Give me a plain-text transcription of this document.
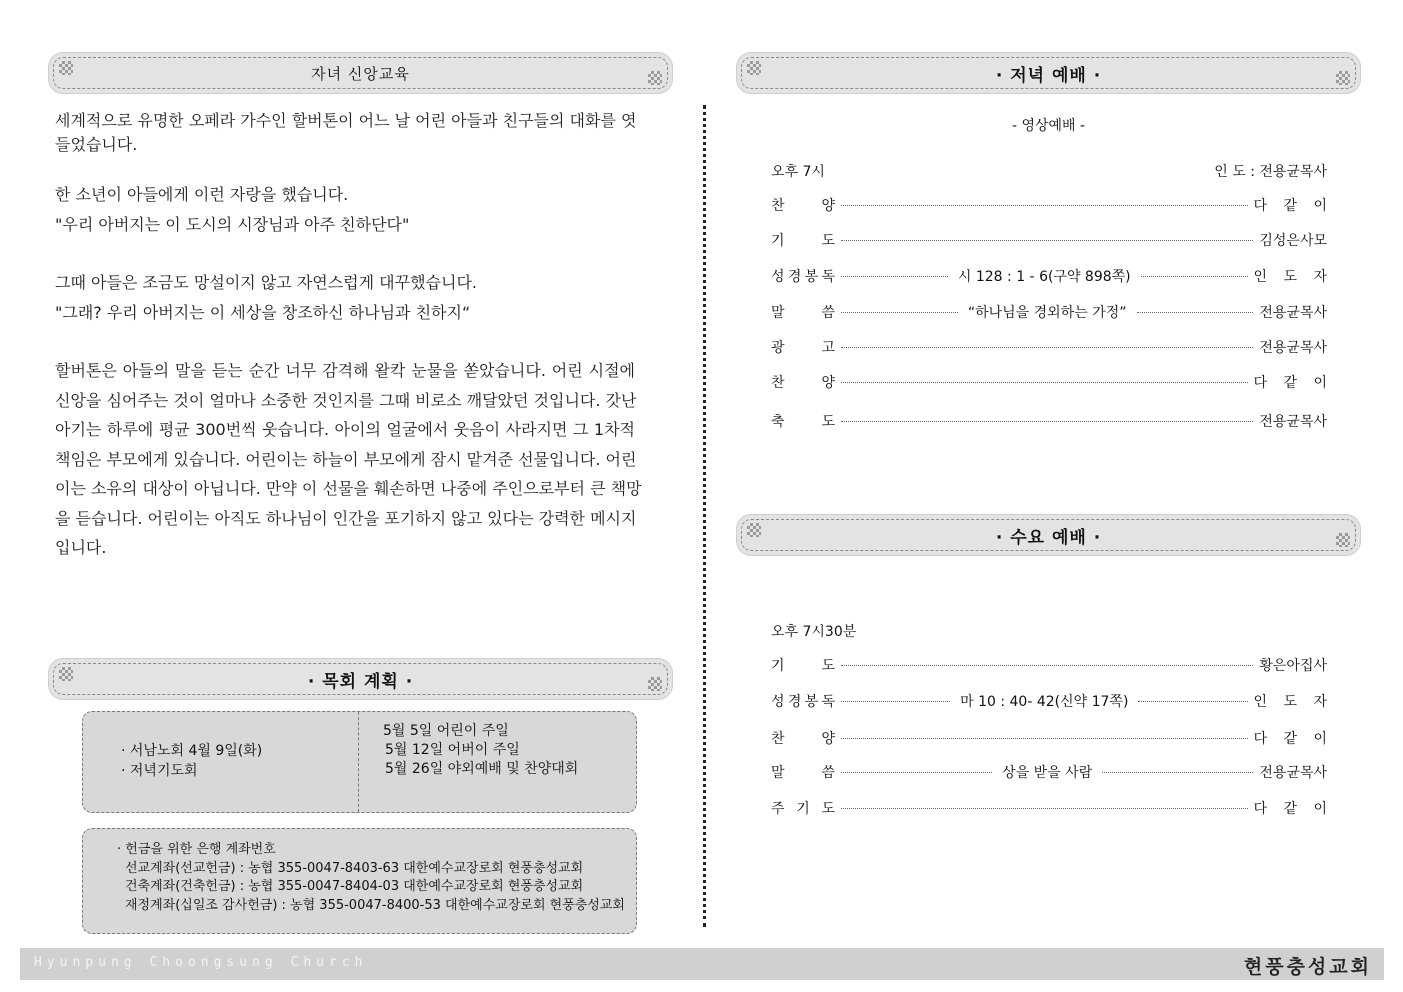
자녀 신앙교육
세계적으로 유명한 오페라 가수인 할버톤이 어느 날 어린 아들과 친구들의 대화를 엿
들었습니다.
한 소년이 아들에게 이런 자랑을 했습니다.
"우리 아버지는 이 도시의 시장님과 아주 친하단다"
그때 아들은 조금도 망설이지 않고 자연스럽게 대꾸했습니다.
"그래? 우리 아버지는 이 세상을 창조하신 하나님과 친하지“
할버톤은 아들의 말을 듣는 순간 너무 감격해 왈칵 눈물을 쏟았습니다. 어린 시절에
신앙을 심어주는 것이 얼마나 소중한 것인지를 그때 비로소 깨달았던 것입니다. 갓난
아기는 하루에 평균 300번씩 웃습니다. 아이의 얼굴에서 웃음이 사라지면 그 1차적
책임은 부모에게 있습니다. 어린이는 하늘이 부모에게 잠시 맡겨준 선물입니다. 어린
이는 소유의 대상이 아닙니다. 만약 이 선물을 훼손하면 나중에 주인으로부터 큰 책망
을 듣습니다. 어린이는 아직도 하나님이 인간을 포기하지 않고 있다는 강력한 메시지
입니다.
· 목회 계획 ·
· 서남노회 4월 9일(화)
· 저녁기도회
5월 5일 어린이 주일
5월 12일 어버이 주일
5월 26일 야외예배 및 찬양대회
· 헌금을 위한 은행 계좌번호
선교계좌(선교헌금) : 농협 355-0047-8403-63 대한예수교장로회 현풍충성교회
건축계좌(건축헌금) : 농협 355-0047-8404-03 대한예수교장로회 현풍충성교회
재정계좌(십일조 감사헌금) : 농협 355-0047-8400-53 대한예수교장로회 현풍충성교회
· 저녁 예배 ·
- 영상예배 -
오후 7시	인 도 : 전용균목사
찬	양	다 같 이
기	도	김성은사모
성 경 봉 독	시 128 : 1 - 6(구약 898쪽)	인 도 자
말	씀	“하나님을 경외하는 가정”	전용균목사
광	고	전용균목사
찬	양	다 같 이
축	도	전용균목사
· 수요 예배 ·
오후 7시30분
기	도	황은아집사
성 경 봉 독	마 10 : 40- 42(신약 17쪽)	인 도 자
찬	양	다 같 이
말	씀	상을 받을 사람	전용균목사
주 기 도	다 같 이
Hyunpung Choongsung Church	현풍충성교회
